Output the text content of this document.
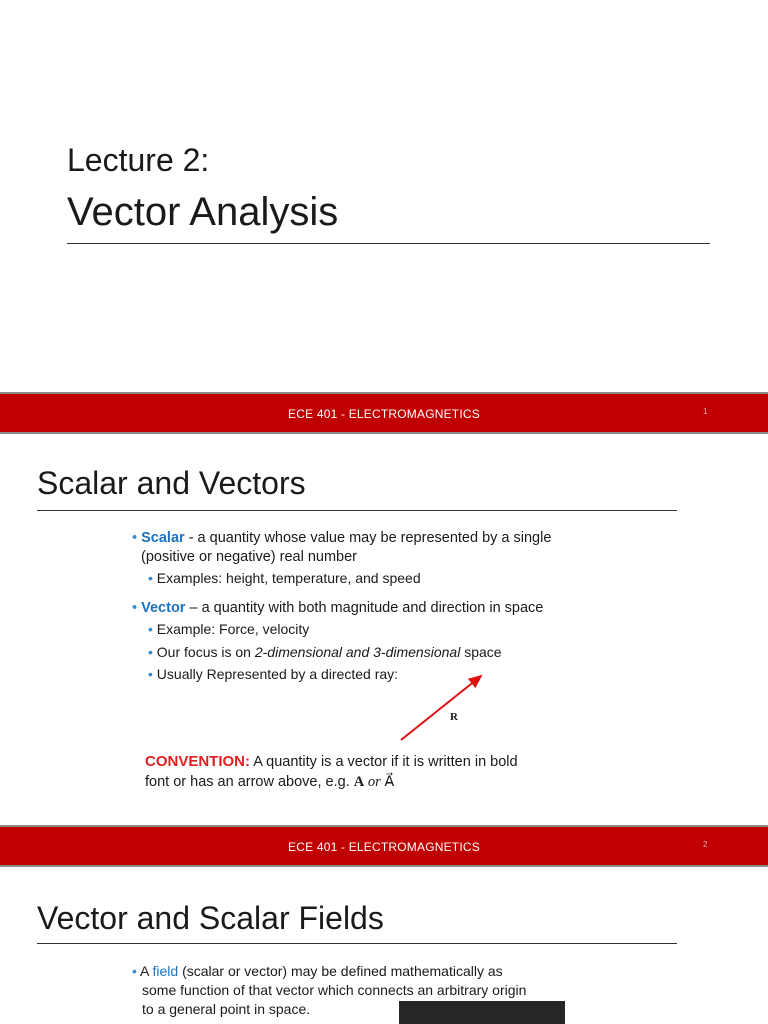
Lecture 2:
Vector Analysis
ECE 401 - ELECTROMAGNETICS	1
Scalar and Vectors
• Scalar - a quantity whose value may be represented by a single
(positive or negative) real number
• Examples: height, temperature, and speed
• Vector – a quantity with both magnitude and direction in space
• Example: Force, velocity
• Our focus is on 2-dimensional and 3-dimensional space
• Usually Represented by a directed ray:
R
CONVENTION: A quantity is a vector if it is written in bold
font or has an arrow above, e.g. A or A⃗
ECE 401 - ELECTROMAGNETICS	2
Vector and Scalar Fields
• A field (scalar or vector) may be defined mathematically as
some function of that vector which connects an arbitrary origin
to a general point in space.
